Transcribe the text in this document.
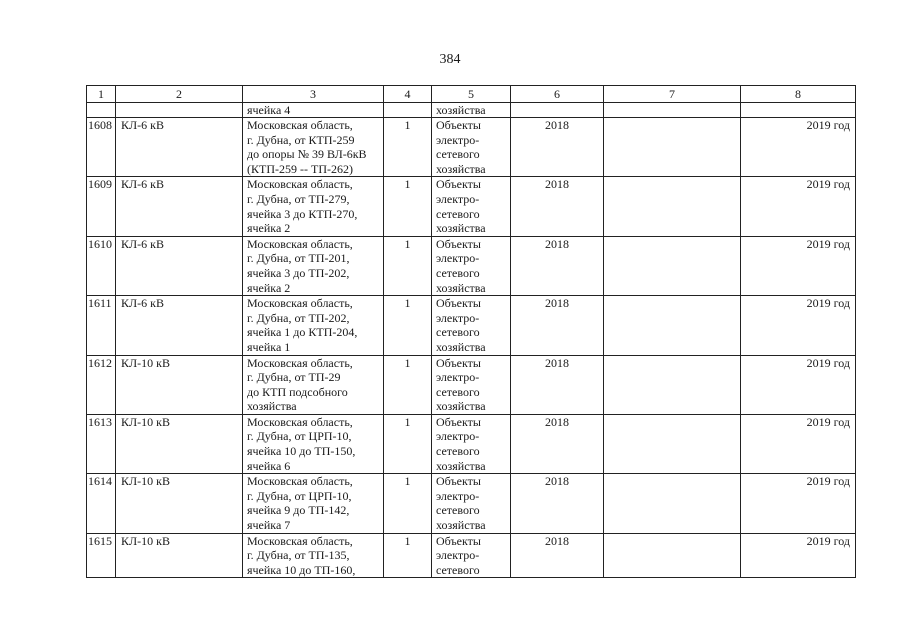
384
1	2	3	4	5	6	7	8
		ячейка 4		хозяйства			
1608	КЛ-6 кВ	Московская область,
г. Дубна, от КТП-259
до опоры № 39 ВЛ-6кВ
(КТП-259 -- ТП-262)	1	Объекты
электро-
сетевого
хозяйства	2018		2019 год
1609	КЛ-6 кВ	Московская область,
г. Дубна, от ТП-279,
ячейка 3 до КТП-270,
ячейка 2	1	Объекты
электро-
сетевого
хозяйства	2018		2019 год
1610	КЛ-6 кВ	Московская область,
г. Дубна, от ТП-201,
ячейка 3 до ТП-202,
ячейка 2	1	Объекты
электро-
сетевого
хозяйства	2018		2019 год
1611	КЛ-6 кВ	Московская область,
г. Дубна, от ТП-202,
ячейка 1 до КТП-204,
ячейка 1	1	Объекты
электро-
сетевого
хозяйства	2018		2019 год
1612	КЛ-10 кВ	Московская область,
г. Дубна, от ТП-29
до КТП подсобного
хозяйства	1	Объекты
электро-
сетевого
хозяйства	2018		2019 год
1613	КЛ-10 кВ	Московская область,
г. Дубна, от ЦРП-10,
ячейка 10 до ТП-150,
ячейка 6	1	Объекты
электро-
сетевого
хозяйства	2018		2019 год
1614	КЛ-10 кВ	Московская область,
г. Дубна, от ЦРП-10,
ячейка 9 до ТП-142,
ячейка 7	1	Объекты
электро-
сетевого
хозяйства	2018		2019 год
1615	КЛ-10 кВ	Московская область,
г. Дубна, от ТП-135,
ячейка 10 до ТП-160,	1	Объекты
электро-
сетевого	2018		2019 год
